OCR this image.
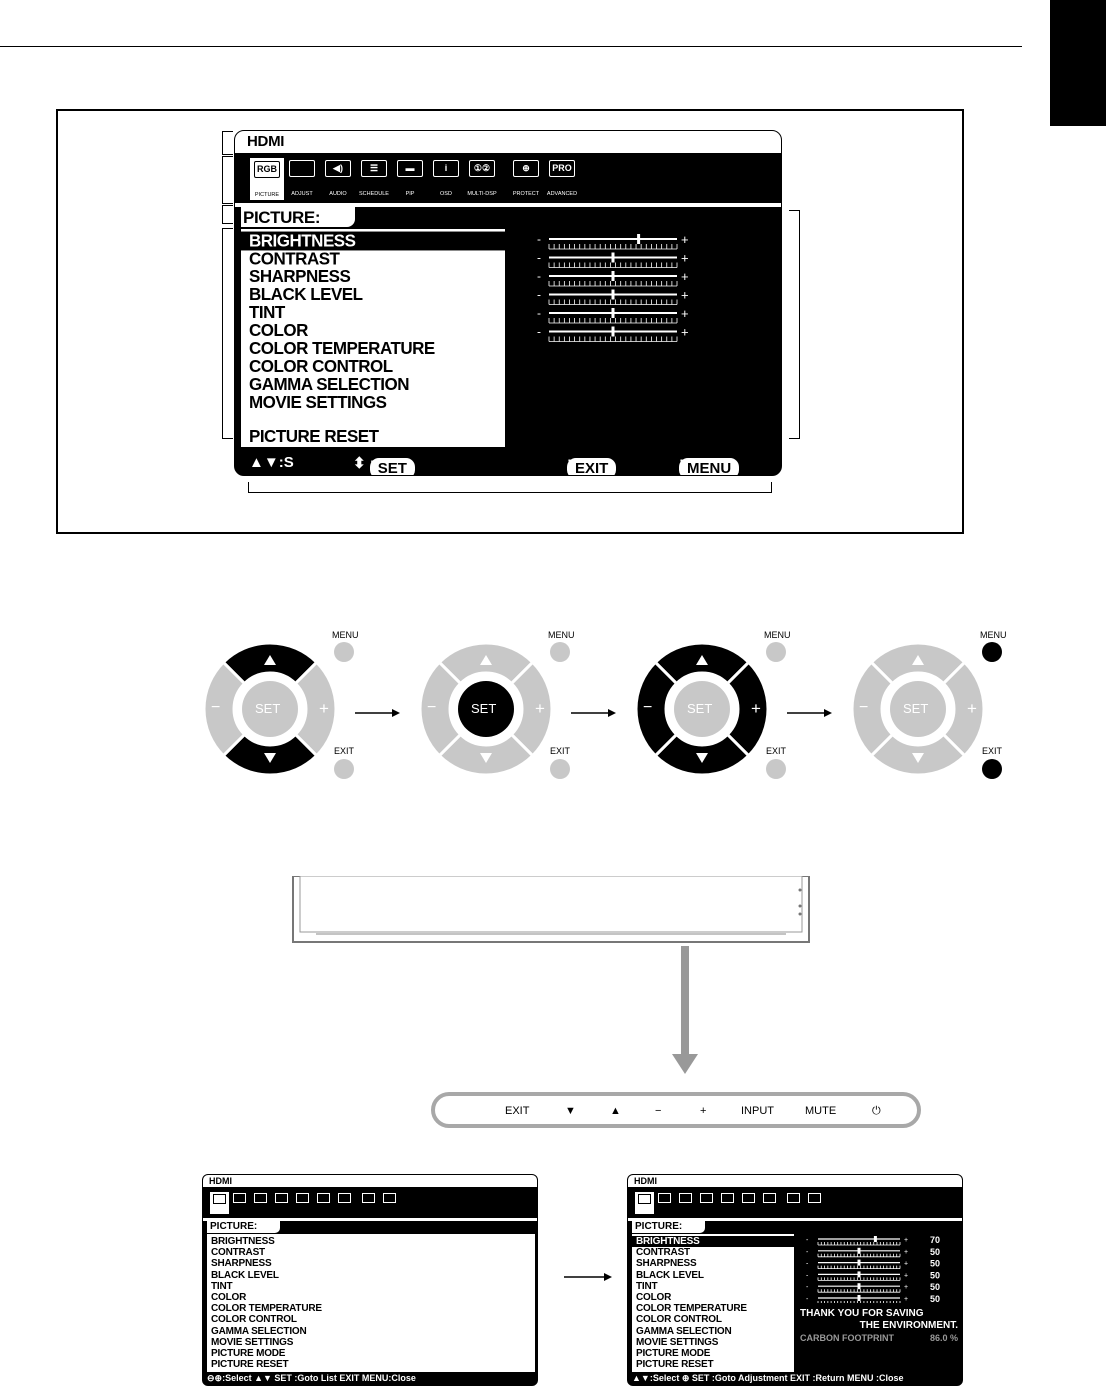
HDMI
RGB
PICTURE	ADJUST
◀)
AUDIO
☰
SCHEDULE
▬
PIP
i
OSD
①②
MULTI-DSP
⊕
PROTECT
PRO
ADVANCED
PICTURE:
BRIGHTNESS
CONTRAST
SHARPNESS
BLACK LEVEL
TINT
COLOR
COLOR TEMPERATURE
COLOR CONTROL
GAMMA SELECTION
MOVIE SETTINGS
PICTURE RESET
-	+
-	+
-	+
-	+
-	+
-	+
▲▼:S	⬍ SET	EXIT	MENU
SET
−	+
MENU
EXIT
SET
−	+
MENU
EXIT
SET
−	+
MENU
EXIT
SET
−	+
MENU
EXIT
EXIT	▼	▲	−	+	INPUT	MUTE	⏻
HDMI
PICTURE:
BRIGHTNESS
CONTRAST
SHARPNESS
BLACK LEVEL
TINT
COLOR
COLOR TEMPERATURE
COLOR CONTROL
GAMMA SELECTION
MOVIE SETTINGS
PICTURE MODE
PICTURE RESET
⊖⊕:Select ▲▼ SET :Goto List EXIT MENU:Close
HDMI
PICTURE:
BRIGHTNESS
CONTRAST
SHARPNESS
BLACK LEVEL
TINT
COLOR
COLOR TEMPERATURE
COLOR CONTROL
GAMMA SELECTION
MOVIE SETTINGS
PICTURE MODE
PICTURE RESET
-	+ 70
-	+ 50
-	+ 50
-	+ 50
-	+ 50
-	+ 50
THANK YOU FOR SAVING
THE ENVIRONMENT.
CARBON FOOTPRINT	86.0 %
▲▼:Select ⊕ SET :Goto Adjustment EXIT :Return MENU :Close
